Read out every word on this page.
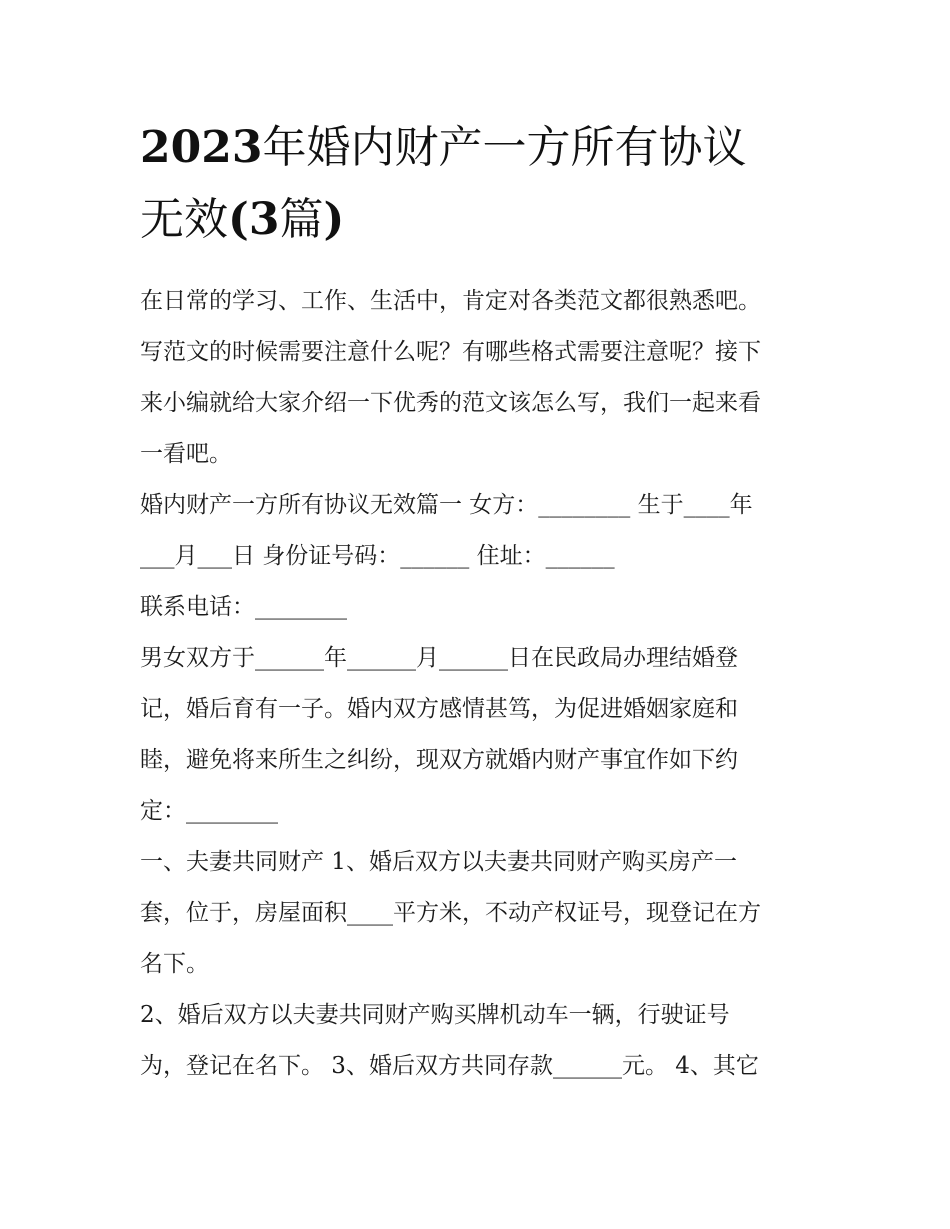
2023年婚内财产一方所有协议
无效(3篇)
在日常的学习、工作、生活中，肯定对各类范文都很熟悉吧。
写范文的时候需要注意什么呢？有哪些格式需要注意呢？接下
来小编就给大家介绍一下优秀的范文该怎么写，我们一起来看
一看吧。
婚内财产一方所有协议无效篇一 女方：________ 生于____年
___月___日 身份证号码：______ 住址：______
联系电话：________
男女双方于______年______月______日在民政局办理结婚登
记，婚后育有一子。婚内双方感情甚笃，为促进婚姻家庭和
睦，避免将来所生之纠纷，现双方就婚内财产事宜作如下约
定：________
一、夫妻共同财产 1、婚后双方以夫妻共同财产购买房产一
套，位于，房屋面积____平方米，不动产权证号，现登记在方
名下。
2、婚后双方以夫妻共同财产购买牌机动车一辆，行驶证号
为，登记在名下。 3、婚后双方共同存款______元。 4、其它
